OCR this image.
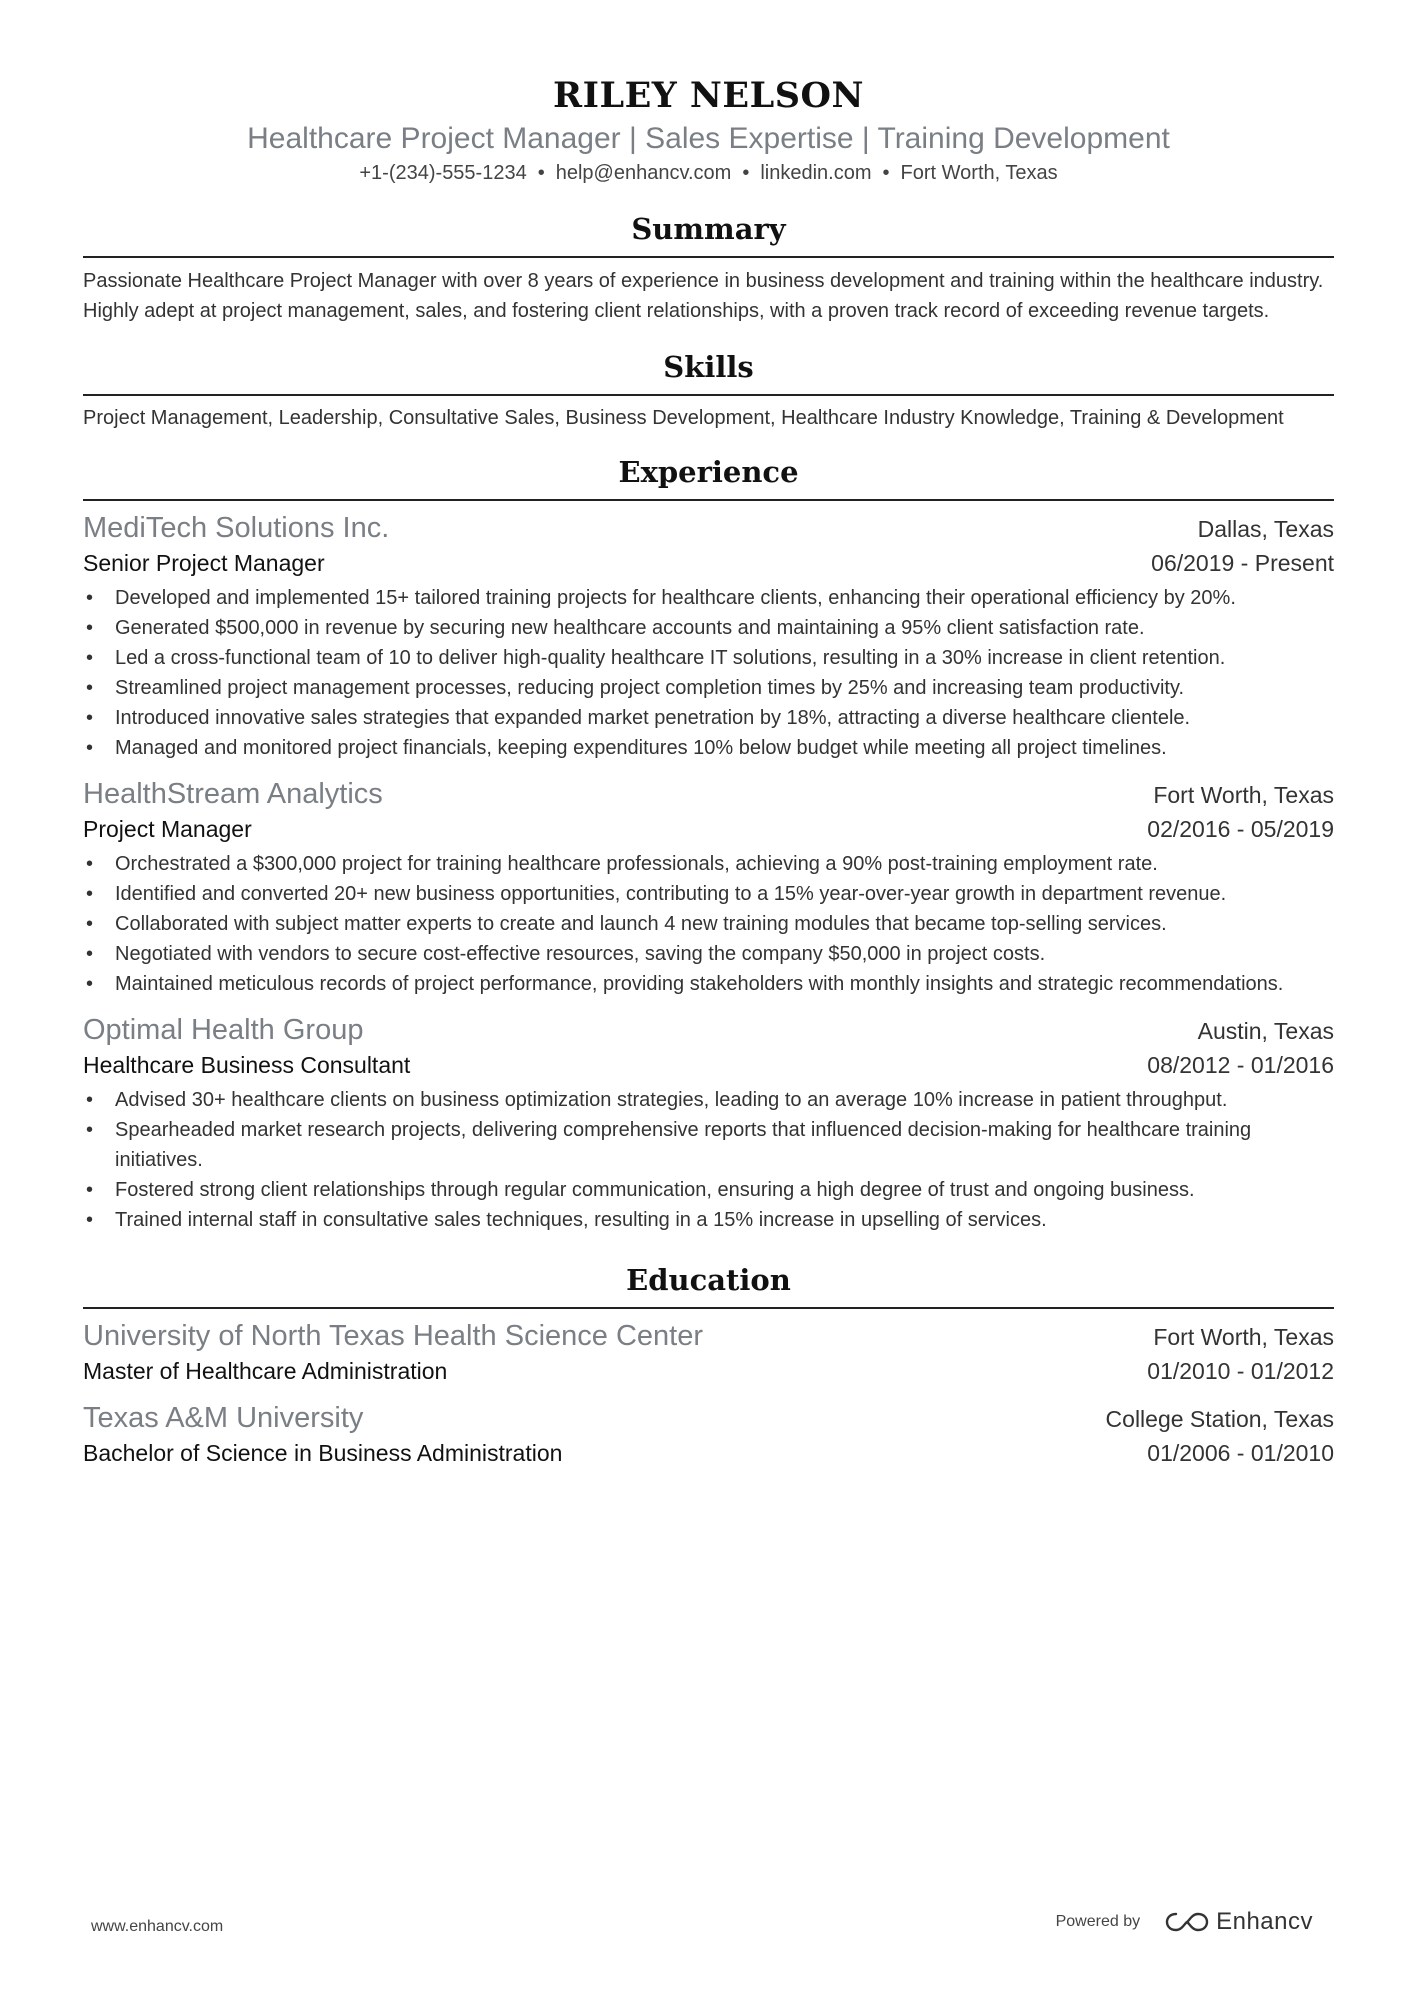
RILEY NELSON
Healthcare Project Manager | Sales Expertise | Training Development
+1-(234)-555-1234 • help@enhancv.com • linkedin.com • Fort Worth, Texas
Summary
Passionate Healthcare Project Manager with over 8 years of experience in business development and training within the healthcare industry. Highly adept at project management, sales, and fostering client relationships, with a proven track record of exceeding revenue targets.
Skills
Project Management, Leadership, Consultative Sales, Business Development, Healthcare Industry Knowledge, Training & Development
Experience
MediTech Solutions Inc.	Dallas, Texas
Senior Project Manager	06/2019 - Present
• Developed and implemented 15+ tailored training projects for healthcare clients, enhancing their operational efficiency by 20%.
• Generated $500,000 in revenue by securing new healthcare accounts and maintaining a 95% client satisfaction rate.
• Led a cross-functional team of 10 to deliver high-quality healthcare IT solutions, resulting in a 30% increase in client retention.
• Streamlined project management processes, reducing project completion times by 25% and increasing team productivity.
• Introduced innovative sales strategies that expanded market penetration by 18%, attracting a diverse healthcare clientele.
• Managed and monitored project financials, keeping expenditures 10% below budget while meeting all project timelines.
HealthStream Analytics	Fort Worth, Texas
Project Manager	02/2016 - 05/2019
• Orchestrated a $300,000 project for training healthcare professionals, achieving a 90% post-training employment rate.
• Identified and converted 20+ new business opportunities, contributing to a 15% year-over-year growth in department revenue.
• Collaborated with subject matter experts to create and launch 4 new training modules that became top-selling services.
• Negotiated with vendors to secure cost-effective resources, saving the company $50,000 in project costs.
• Maintained meticulous records of project performance, providing stakeholders with monthly insights and strategic recommendations.
Optimal Health Group	Austin, Texas
Healthcare Business Consultant	08/2012 - 01/2016
• Advised 30+ healthcare clients on business optimization strategies, leading to an average 10% increase in patient throughput.
• Spearheaded market research projects, delivering comprehensive reports that influenced decision-making for healthcare training initiatives.
• Fostered strong client relationships through regular communication, ensuring a high degree of trust and ongoing business.
• Trained internal staff in consultative sales techniques, resulting in a 15% increase in upselling of services.
Education
University of North Texas Health Science Center	Fort Worth, Texas
Master of Healthcare Administration	01/2010 - 01/2012
Texas A&M University	College Station, Texas
Bachelor of Science in Business Administration	01/2006 - 01/2010
www.enhancv.com	Powered by	Enhancv
